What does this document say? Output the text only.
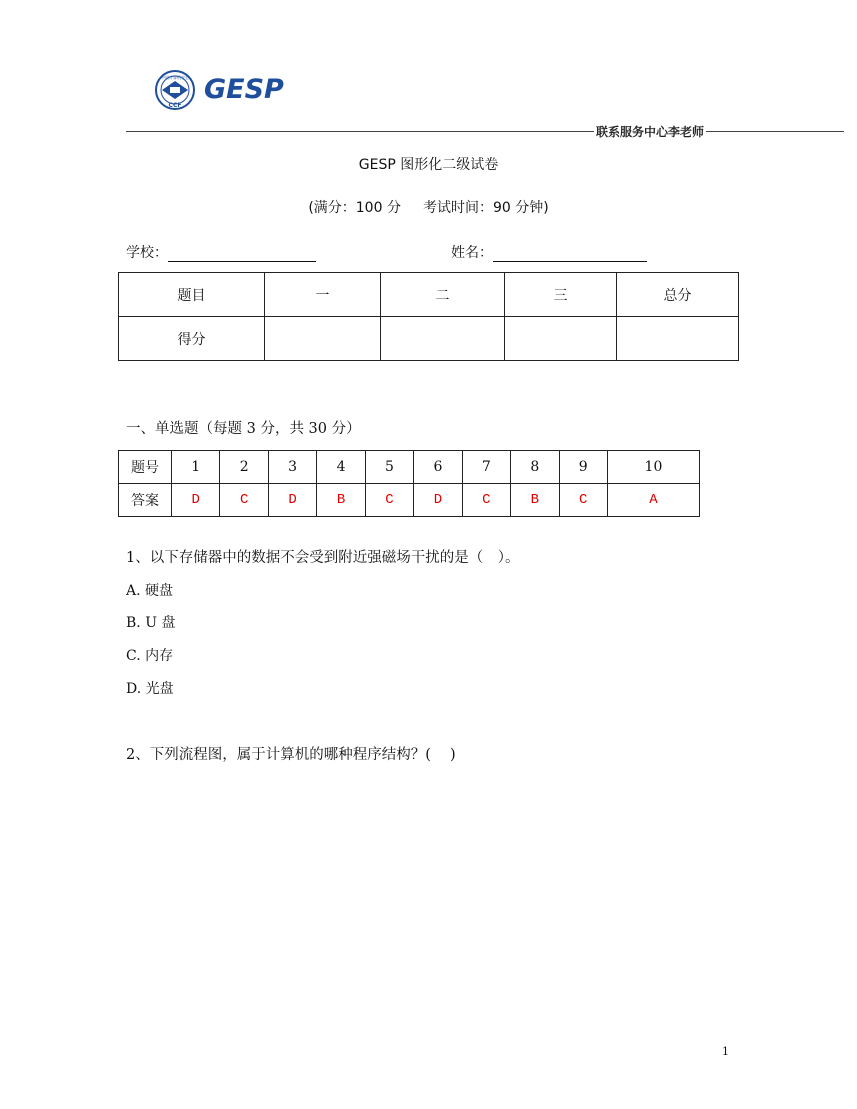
CCF
中国计算机学会 GESP
联系服务中心李老师
GESP 图形化二级试卷
(满分：100 分 考试时间：90 分钟)
学校：	姓名：
题目	一	二	三	总分
得分				
一、单选题（每题 3 分，共 30 分）
题号	1	2	3	4	5	6	7	8	9	10
答案	D	C	D	B	C	D	C	B	C	A
1、以下存储器中的数据不会受到附近强磁场干扰的是（　）。
A. 硬盘
B. U 盘
C. 内存
D. 光盘
2、下列流程图，属于计算机的哪种程序结构？(　 )
1
